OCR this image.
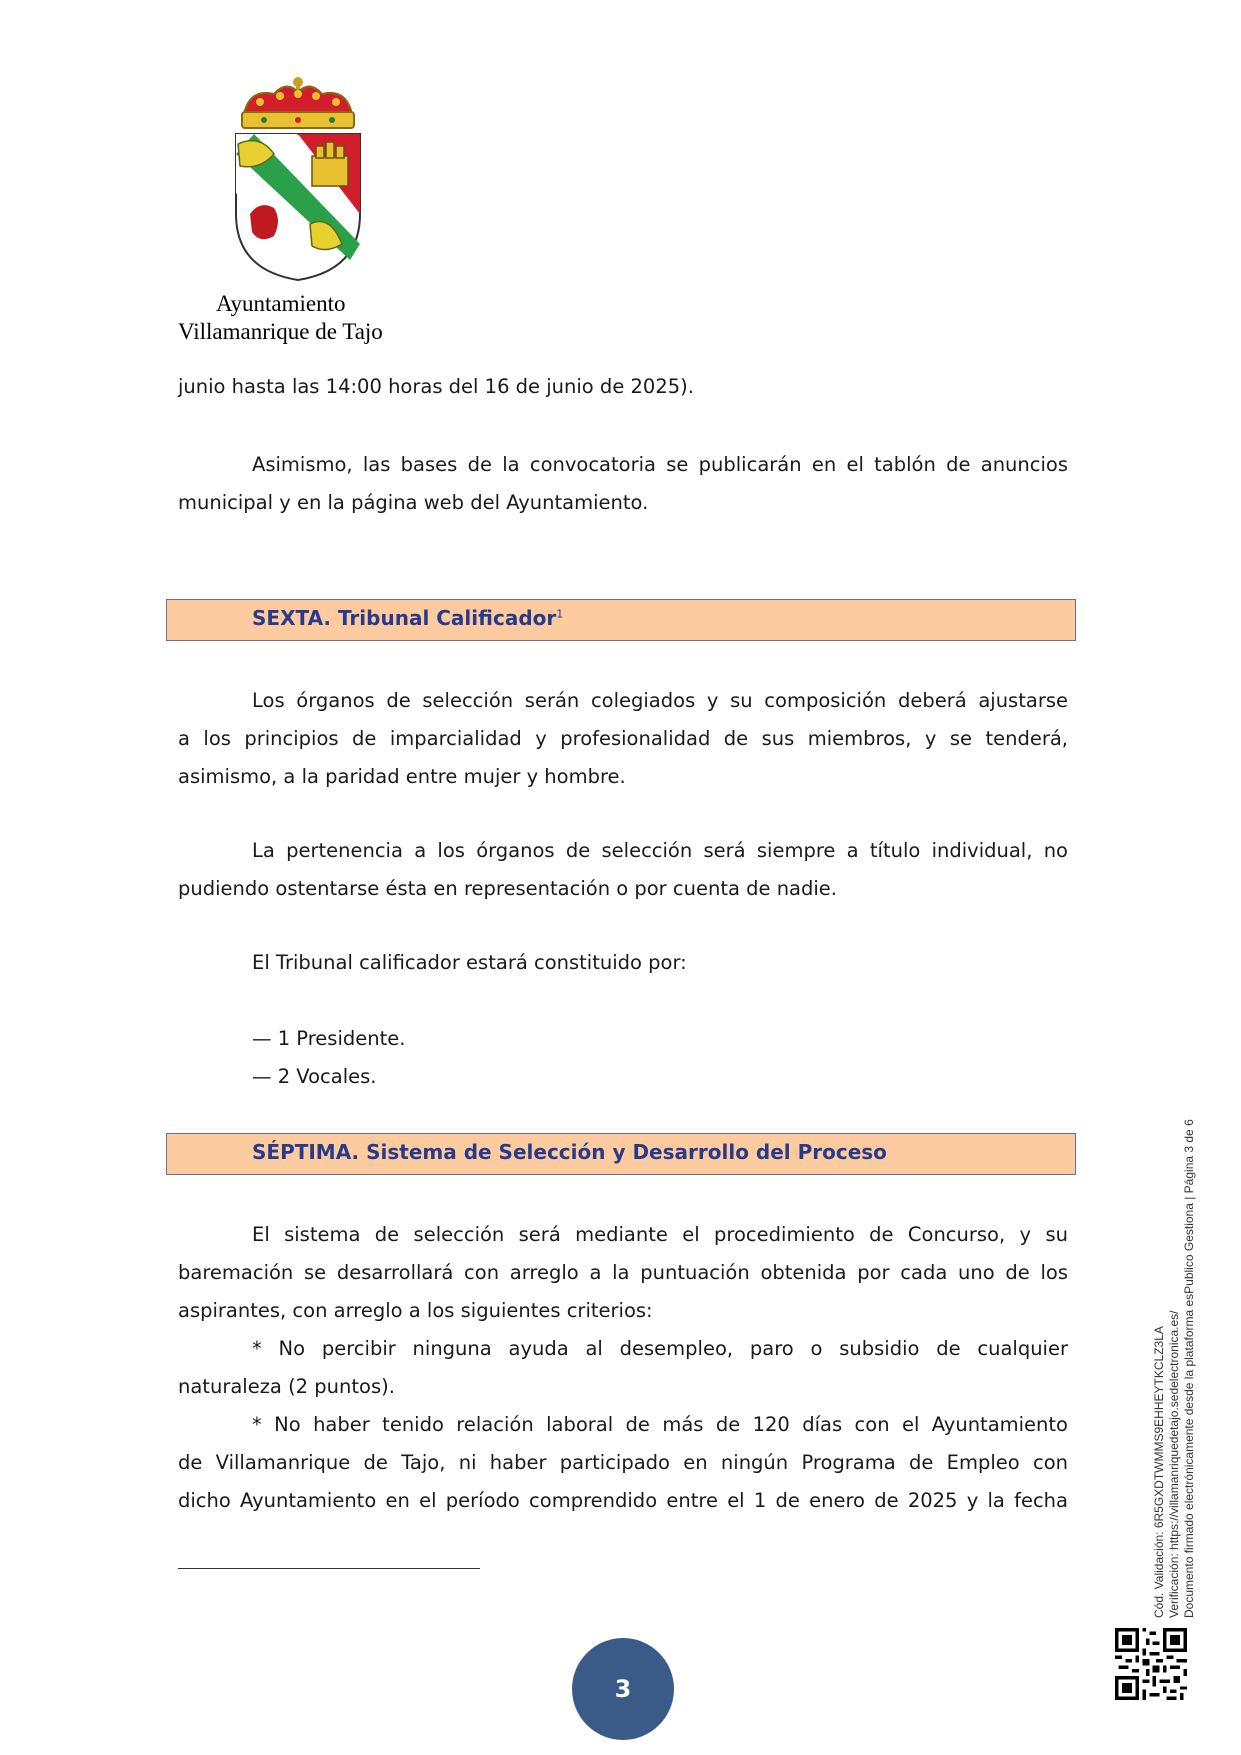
Ayuntamiento
Villamanrique de Tajo

junio hasta las 14:00 horas del 16 de junio de 2025).

Asimismo, las bases de la convocatoria se publicarán en el tablón de anuncios

municipal y en la página web del Ayuntamiento.

SEXTA. Tribunal Calificador$^1$

Los órganos de selección serán colegiados y su composición deberá ajustarse

a los principios de imparcialidad y profesionalidad de sus miembros, y se tenderá,

asimismo, a la paridad entre mujer y hombre.

La pertenencia a los órganos de selección será siempre a título individual, no

pudiendo ostentarse ésta en representación o por cuenta de nadie.

El Tribunal calificador estará constituido por:

— 1 Presidente.

— 2 Vocales.

SÉPTIMA. Sistema de Selección y Desarrollo del Proceso

El sistema de selección será mediante el procedimiento de Concurso, y su

baremación se desarrollará con arreglo a la puntuación obtenida por cada uno de los

aspirantes, con arreglo a los siguientes criterios:

* No percibir ninguna ayuda al desempleo, paro o subsidio de cualquier

naturaleza (2 puntos).

* No haber tenido relación laboral de más de 120 días con el Ayuntamiento

de Villamanrique de Tajo, ni haber participado en ningún Programa de Empleo con

dicho Ayuntamiento en el período comprendido entre el 1 de enero de 2025 y la fecha

3
Cód. Validación: 6R5GXDTWMMS9EHHEYTKCLZ3LA Verificación: https://villamanriquedetajo.sedelectronica.es/ Documento firmado electrónicamente desde la plataforma esPublico Gestiona | Página 3 de 6
